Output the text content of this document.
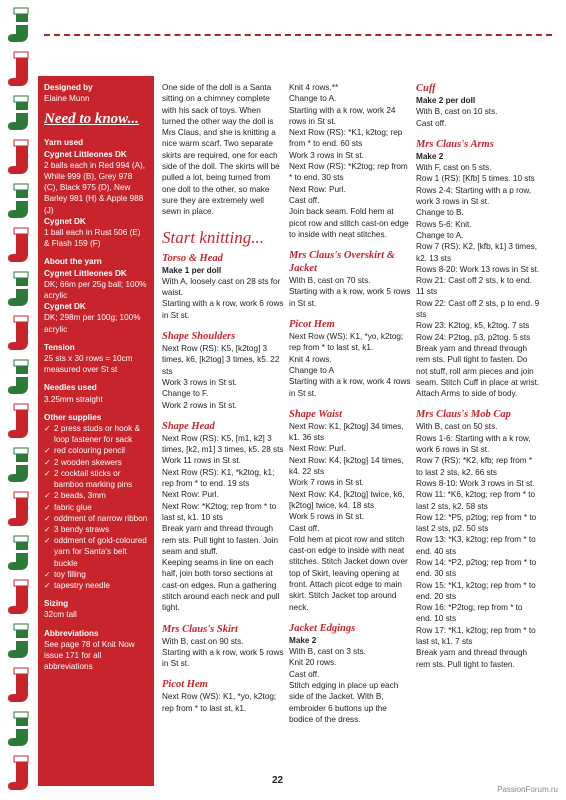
Designed by
Elaine Munn
Need to know...
Yarn used
Cygnet Littleones DK
2 balls each in Red 994 (A), White 999 (B), Grey 978 (C), Black 975 (D), New Barley 981 (H) & Apple 988 (J)
Cygnet DK
1 ball each in Rust 506 (E) & Flash 159 (F)
About the yarn
Cygnet Littleones DK
DK; 66m per 25g ball; 100% acrylic
Cygnet DK
DK; 298m per 100g; 100% acrylic
Tension
25 sts x 30 rows = 10cm measured over St st
Needles used
3.25mm straight
Other supplies
✓ 2 press studs or hook & loop fastener for sack
✓ red colouring pencil
✓ 2 wooden skewers
✓ 2 cocktail sticks or bamboo marking pins
✓ 2 beads, 3mm
✓ fabric glue
✓ oddment of narrow ribbon
✓ 3 bendy straws
✓ oddment of gold-coloured yarn for Santa's belt buckle
✓ toy filling
✓ tapestry needle
Sizing
32cm tall
Abbreviations
See page 78 of Knit Now issue 171 for all abbreviations

One side of the doll is a Santa sitting on a chimney complete with his sack of toys. When turned the other way the doll is Mrs Claus, and she is knitting a nice warm scarf. Two separate skirts are required, one for each side of the doll. The skirts will be pulled a lot, being turned from one doll to the other, so make sure they are extremely well sewn in place.

Start knitting...
Torso & Head

Make 1 per doll

With A, loosely cast on 28 sts for waist.

Starting with a k row, work 6 rows in St st.

Shape Shoulders

Next Row (RS): K5, [k2tog] 3 times, k6, [k2tog] 3 times, k5. 22 sts

Work 3 rows in St st.

Change to F.

Work 2 rows in St st.

Shape Head

Next Row (RS): K5, [m1, k2] 3 times, [k2, m1] 3 times, k5. 28 sts

Work 11 rows in St st.

Next Row (RS): K1, *k2tog, k1; rep from * to end. 19 sts

Next Row: Purl.

Next Row: *K2tog; rep from * to last st, k1. 10 sts

Break yarn and thread through rem sts. Pull tight to fasten. Join seam and stuff.

Keeping seams in line on each half, join both torso sections at cast-on edges. Run a gathering stitch around each neck and pull tight.

Mrs Claus's Skirt

With B, cast on 90 sts.

Starting with a k row, work 5 rows in St st.

Picot Hem

Next Row (WS): K1, *yo, k2tog; rep from * to last st, k1.

Knit 4 rows.**

Change to A.

Starting with a k row, work 24 rows in St st.

Next Row (RS): *K1, k2tog; rep from * to end. 60 sts

Work 3 rows in St st.

Next Row (RS): *K2tog; rep from * to end. 30 sts

Next Row: Purl.

Cast off.

Join back seam. Fold hem at picot row and stitch cast-on edge to inside with neat stitches.

Mrs Claus's Overskirt & Jacket

With B, cast on 70 sts.

Starting with a k row, work 5 rows in St st.

Picot Hem

Next Row (WS): K1, *yo, k2tog; rep from * to last st, k1.

Knit 4 rows.

Change to A

Starting with a k row, work 4 rows in St st.

Shape Waist

Next Row: K1, [k2tog] 34 times, k1. 36 sts

Next Row: Purl.

Next Row: K4, [k2tog] 14 times, k4. 22 sts

Work 7 rows in St st.

Next Row: K4, [k2tog] twice, k6, [k2tog] twice, k4. 18 sts

Work 5 rows in St st.

Cast off.

Fold hem at picot row and stitch cast-on edge to inside with neat stitches. Stitch Jacket down over top of Skirt, leaving opening at front. Attach picot edge to main skirt. Stitch Jacket top around neck.

Jacket Edgings

Make 2

With B, cast on 3 sts.

Knit 20 rows.

Cast off.

Stitch edging in place up each side of the Jacket. With B, embroider 6 buttons up the bodice of the dress.

Cuff

Make 2 per doll

With B, cast on 10 sts.

Cast off.

Mrs Claus's Arms

Make 2

With F, cast on 5 sts.

Row 1 (RS): [Kfb] 5 times. 10 sts

Rows 2-4: Starting with a p row, work 3 rows in St st.

Change to B.

Rows 5-6: Knit.

Change to A.

Row 7 (RS): K2, [kfb, k1] 3 times, k2. 13 sts

Rows 8-20: Work 13 rows in St st.

Row 21: Cast off 2 sts, k to end. 11 sts

Row 22: Cast off 2 sts, p to end. 9 sts

Row 23: K2tog, k5, k2tog. 7 sts

Row 24: P2tog, p3, p2tog. 5 sts

Break yarn and thread through rem sts. Pull tight to fasten. Do not stuff, roll arm pieces and join seam. Stitch Cuff in place at wrist. Attach Arms to side of body.

Mrs Claus's Mob Cap

With B, cast on 50 sts.

Rows 1-6: Starting with a k row, work 6 rows in St st.

Row 7 (RS): *K2, kfb; rep from * to last 2 sts, k2. 66 sts

Rows 8-10: Work 3 rows in St st.

Row 11: *K6, k2tog; rep from * to last 2 sts, k2. 58 sts

Row 12: *P5, p2tog; rep from * to last 2 sts, p2. 50 sts

Row 13: *K3, k2tog; rep from * to end. 40 sts

Row 14: *P2, p2tog; rep from * to end. 30 sts

Row 15: *K1, k2tog; rep from * to end. 20 sts

Row 16: *P2tog; rep from * to end. 10 sts

Row 17: *K1, k2tog; rep from * to last st, k1. 7 sts

Break yarn and thread through rem sts. Pull tight to fasten.

22
PassionForum.ru
